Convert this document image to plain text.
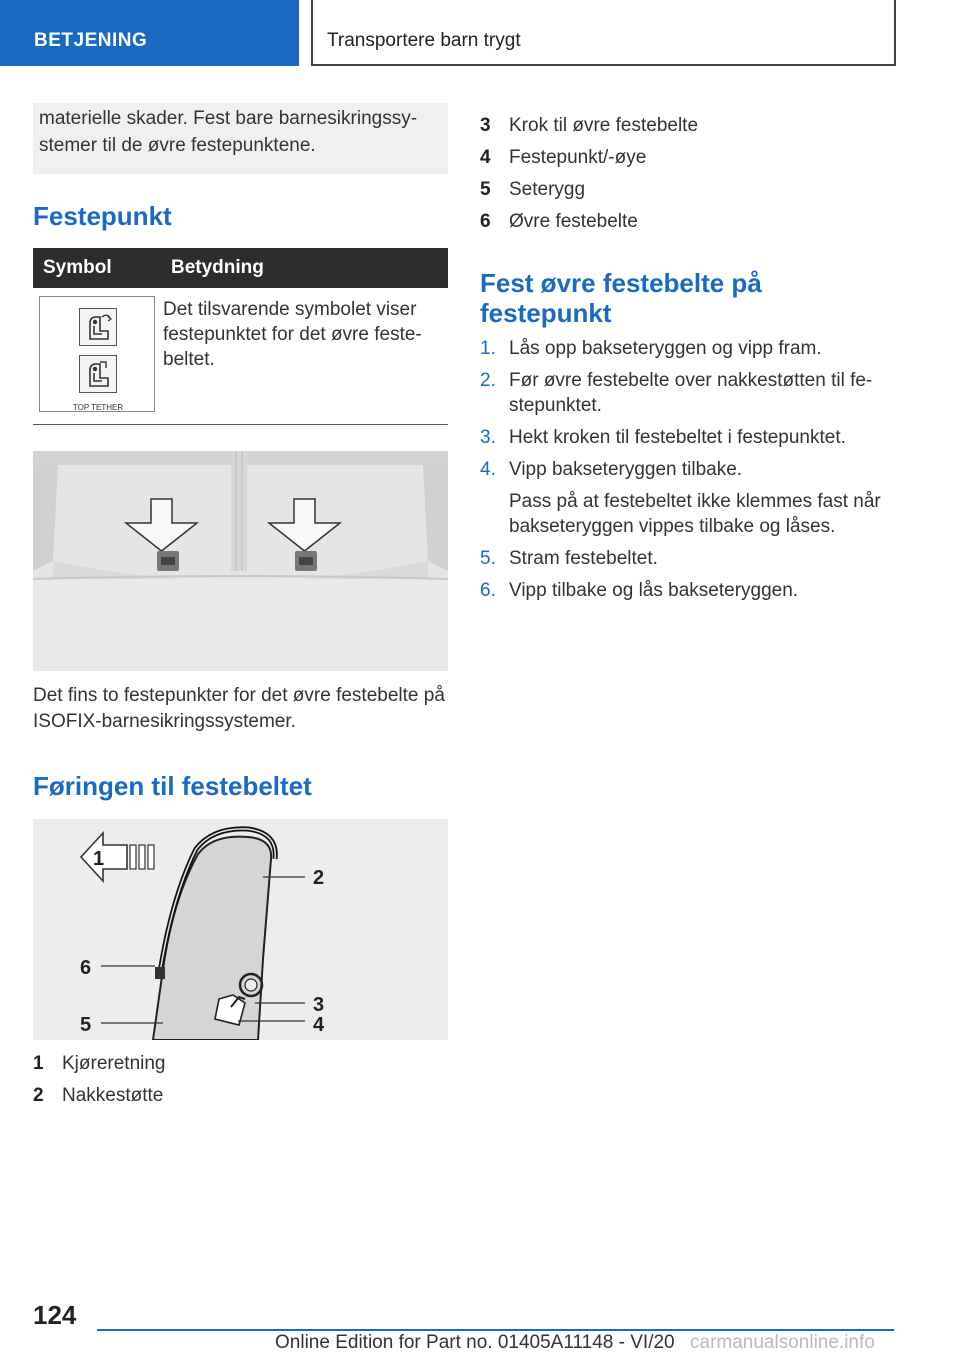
BETJENING	Transportere barn trygt
materielle skader. Fest bare barnesikringssy-stemer til de øvre festepunktene.
Festepunkt
Symbol	Betydning

TOP TETHER	Det tilsvarende symbolet viser festepunktet for det øvre feste-beltet.

Det fins to festepunkter for det øvre festebelte på ISOFIX-barnesikringssystemer.

Føringen til festebeltet
1
2
3
4
5
6
1 Kjøreretning
2 Nakkestøtte
3 Krok til øvre festebelte
4 Festepunkt/-øye
5 Seterygg
6 Øvre festebelte
Fest øvre festebelte på festepunkt
1. Lås opp bakseteryggen og vipp fram.
2. Før øvre festebelte over nakkestøtten til fe-stepunktet.
3. Hekt kroken til festebeltet i festepunktet.
4. Vipp bakseteryggen tilbake.
Pass på at festebeltet ikke klemmes fast når bakseteryggen vippes tilbake og låses.
5. Stram festebeltet.
6. Vipp tilbake og lås bakseteryggen.
124
Online Edition for Part no. 01405A11148 - VI/20 carmanualsonline.info
